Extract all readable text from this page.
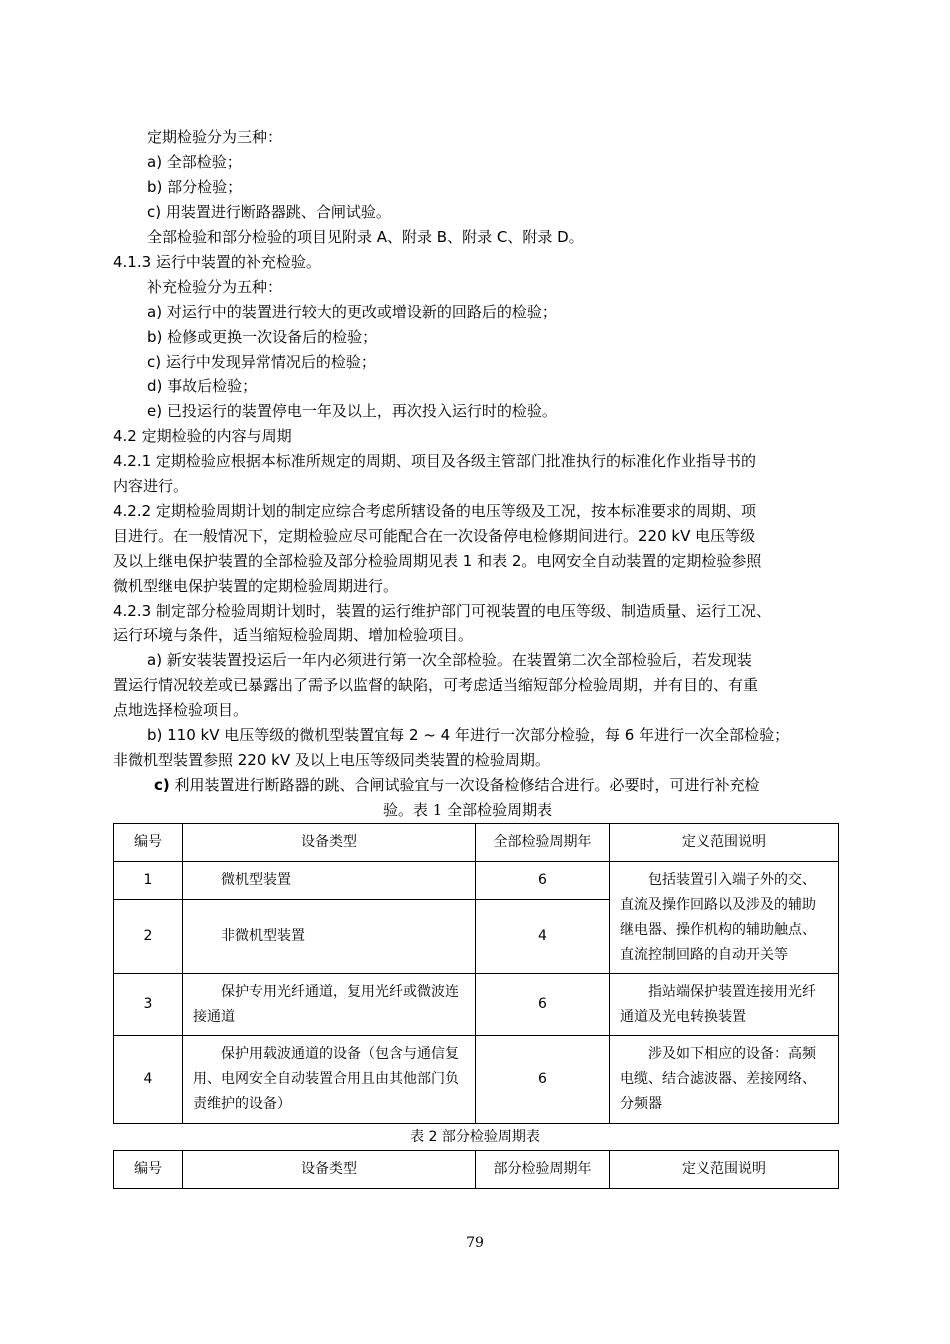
定期检验分为三种：
a) 全部检验；
b) 部分检验；
c) 用装置进行断路器跳、合闸试验。
全部检验和部分检验的项目见附录 A、附录 B、附录 C、附录 D。
4.1.3 运行中装置的补充检验。
补充检验分为五种：
a) 对运行中的装置进行较大的更改或增设新的回路后的检验；
b) 检修或更换一次设备后的检验；
c) 运行中发现异常情况后的检验；
d) 事故后检验；
e) 已投运行的装置停电一年及以上，再次投入运行时的检验。
4.2 定期检验的内容与周期
4.2.1 定期检验应根据本标准所规定的周期、项目及各级主管部门批准执行的标准化作业指导书的
内容进行。
4.2.2 定期检验周期计划的制定应综合考虑所辖设备的电压等级及工况，按本标准要求的周期、项
目进行。在一般情况下，定期检验应尽可能配合在一次设备停电检修期间进行。220 kV 电压等级
及以上继电保护装置的全部检验及部分检验周期见表 1 和表 2。电网安全自动装置的定期检验参照
微机型继电保护装置的定期检验周期进行。
4.2.3 制定部分检验周期计划时，装置的运行维护部门可视装置的电压等级、制造质量、运行工况、
运行环境与条件，适当缩短检验周期、增加检验项目。
a) 新安装装置投运后一年内必须进行第一次全部检验。在装置第二次全部检验后，若发现装
置运行情况较差或已暴露出了需予以监督的缺陷，可考虑适当缩短部分检验周期，并有目的、有重
点地选择检验项目。
b) 110 kV 电压等级的微机型装置宜每 2 ~ 4 年进行一次部分检验，每 6 年进行一次全部检验；
非微机型装置参照 220 kV 及以上电压等级同类装置的检验周期。
c) 利用装置进行断路器的跳、合闸试验宜与一次设备检修结合进行。必要时，可进行补充检
验。表 1 全部检验周期表
编号	设备类型	全部检验周期年	定义范围说明
1	微机型装置	6	包括装置引入端子外的交、直流及操作回路以及涉及的辅助继电器、操作机构的辅助触点、直流控制回路的自动开关等
2	非微机型装置	4	
3	保护专用光纤通道，复用光纤或微波连接通道	6	指站端保护装置连接用光纤通道及光电转换装置
4	保护用载波通道的设备（包含与通信复用、电网安全自动装置合用且由其他部门负责维护的设备）	6	涉及如下相应的设备：高频电缆、结合滤波器、差接网络、分频器
表 2 部分检验周期表
编号	设备类型	部分检验周期年	定义范围说明
79
